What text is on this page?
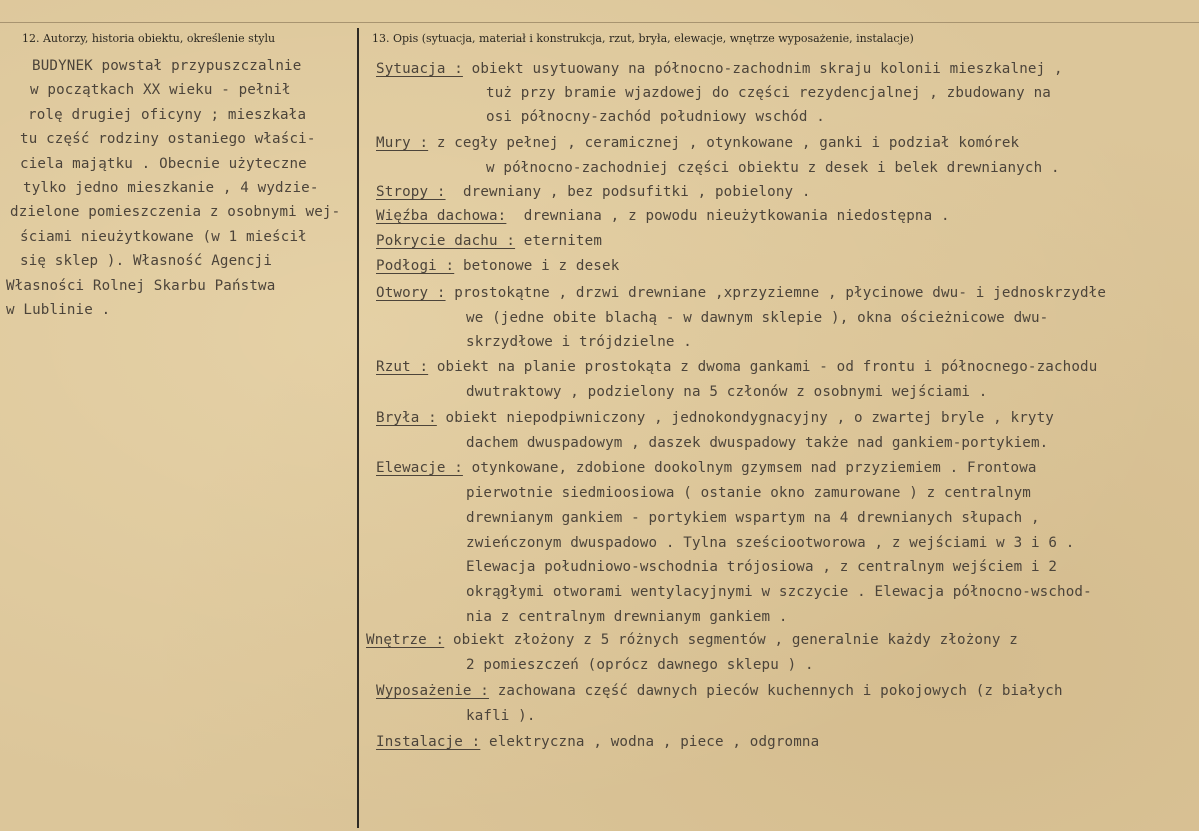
12. Autorzy, historia obiektu, określenie stylu	13. Opis (sytuacja, materiał i konstrukcja, rzut, bryła, elewacje, wnętrze wyposażenie, instalacje)

BUDYNEK powstał przypuszczalnie

w początkach XX wieku - pełnił

rolę drugiej oficyny ; mieszkała

tu część rodziny ostaniego właści-

ciela majątku . Obecnie użyteczne

tylko jedno mieszkanie , 4 wydzie-

dzielone pomieszczenia z osobnymi wej-

ściami nieużytkowane (w 1 mieścił

się sklep ). Własność Agencji

Własności Rolnej Skarbu Państwa

w Lublinie .

Sytuacja : obiekt usytuowany na północno-zachodnim skraju kolonii mieszkalnej ,

tuż przy bramie wjazdowej do części rezydencjalnej , zbudowany na

osi północny-zachód południowy wschód .

Mury : z cegły pełnej , ceramicznej , otynkowane , ganki i podział komórek

w północno-zachodniej części obiektu z desek i belek drewnianych .

Stropy : drewniany , bez podsufitki , pobielony .

Więźba dachowa: drewniana , z powodu nieużytkowania niedostępna .

Pokrycie dachu : eternitem

Podłogi : betonowe i z desek

Otwory : prostokątne , drzwi drewniane ,xprzyziemne , płycinowe dwu- i jednoskrzydłe

we (jedne obite blachą - w dawnym sklepie ), okna ościeżnicowe dwu-

skrzydłowe i trójdzielne .

Rzut : obiekt na planie prostokąta z dwoma gankami - od frontu i północnego-zachodu

dwutraktowy , podzielony na 5 członów z osobnymi wejściami .

Bryła : obiekt niepodpiwniczony , jednokondygnacyjny , o zwartej bryle , kryty

dachem dwuspadowym , daszek dwuspadowy także nad gankiem-portykiem.

Elewacje : otynkowane, zdobione dookolnym gzymsem nad przyziemiem . Frontowa

pierwotnie siedmioosiowa ( ostanie okno zamurowane ) z centralnym

drewnianym gankiem - portykiem wspartym na 4 drewnianych słupach ,

zwieńczonym dwuspadowo . Tylna sześciootworowa , z wejściami w 3 i 6 .

Elewacja południowo-wschodnia trójosiowa , z centralnym wejściem i 2

okrągłymi otworami wentylacyjnymi w szczycie . Elewacja północno-wschod-

nia z centralnym drewnianym gankiem .

Wnętrze : obiekt złożony z 5 różnych segmentów , generalnie każdy złożony z

2 pomieszczeń (oprócz dawnego sklepu ) .

Wyposażenie : zachowana część dawnych pieców kuchennych i pokojowych (z białych

kafli ).

Instalacje : elektryczna , wodna , piece , odgromna
